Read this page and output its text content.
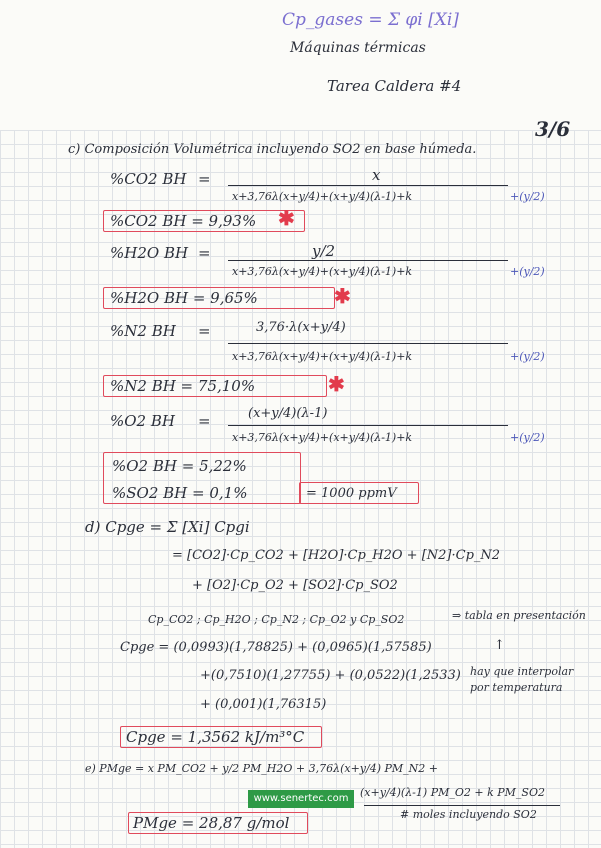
Cp_gases = Σ φi [Xi]
Máquinas térmicas
Tarea Caldera #4
3/6
c) Composición Volumétrica incluyendo SO2 en base húmeda.
%CO2 BH =	x
x+3,76λ(x+y/4)+(x+y/4)(λ-1)+k	+(y/2)
%CO2 BH = 9,93% ✱
%H2O BH =	y/2
x+3,76λ(x+y/4)+(x+y/4)(λ-1)+k	+(y/2)
%H2O BH = 9,65%	✱
%N2 BH =	3,76·λ(x+y/4)
x+3,76λ(x+y/4)+(x+y/4)(λ-1)+k	+(y/2)
%N2 BH = 75,10%	✱
%O2 BH =	(x+y/4)(λ-1)
x+3,76λ(x+y/4)+(x+y/4)(λ-1)+k	+(y/2)
%O2 BH = 5,22%
%SO2 BH = 0,1%	= 1000 ppmV
d) Cpge = Σ [Xi] Cpgi
= [CO2]·Cp_CO2 + [H2O]·Cp_H2O + [N2]·Cp_N2
+ [O2]·Cp_O2 + [SO2]·Cp_SO2
Cp_CO2 ; Cp_H2O ; Cp_N2 ; Cp_O2 y Cp_SO2	⇒ tabla en presentación
↑
hay que interpolar por temperatura
Cpge = (0,0993)(1,78825) + (0,0965)(1,57585)
+(0,7510)(1,27755) + (0,0522)(1,2533)
+ (0,001)(1,76315)
Cpge = 1,3562 kJ/m³°C
e) PMge = x PM_CO2 + y/2 PM_H2O + 3,76λ(x+y/4) PM_N2 +
(x+y/4)(λ-1) PM_O2 + k PM_SO2
# moles incluyendo SO2
PMge = 28,87 g/mol
www.senertec.com
